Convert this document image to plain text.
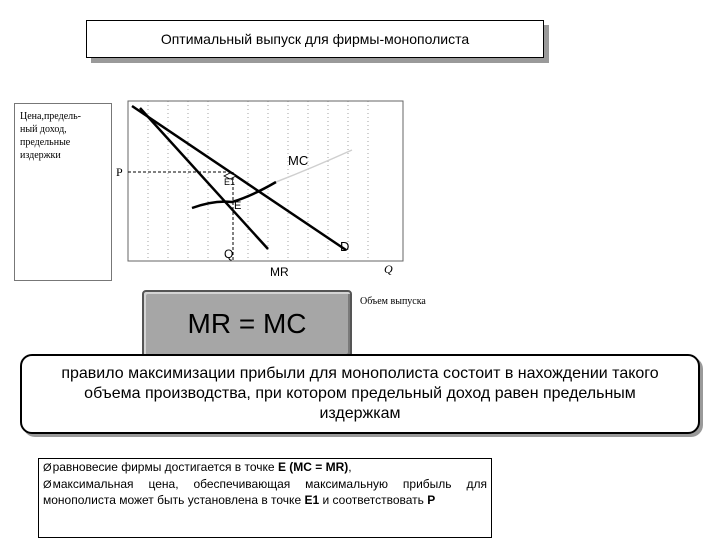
Оптимальный выпуск для фирмы-монополиста
Цена,предель-
ный доход,
предельные
издержки
P
MC
E1
E
Q	D
MR	Q
MR = MC
Объем выпуска
правило максимизации прибыли для монополиста состоит в нахождении такого объема производства, при котором предельный доход равен предельным издержкам

Øравновесие фирмы достигается в точке Е (МС = MR),

Øмаксимальная цена, обеспечивающая максимальную прибыль для монополиста может быть установлена в точке Е1 и соответствовать Р
